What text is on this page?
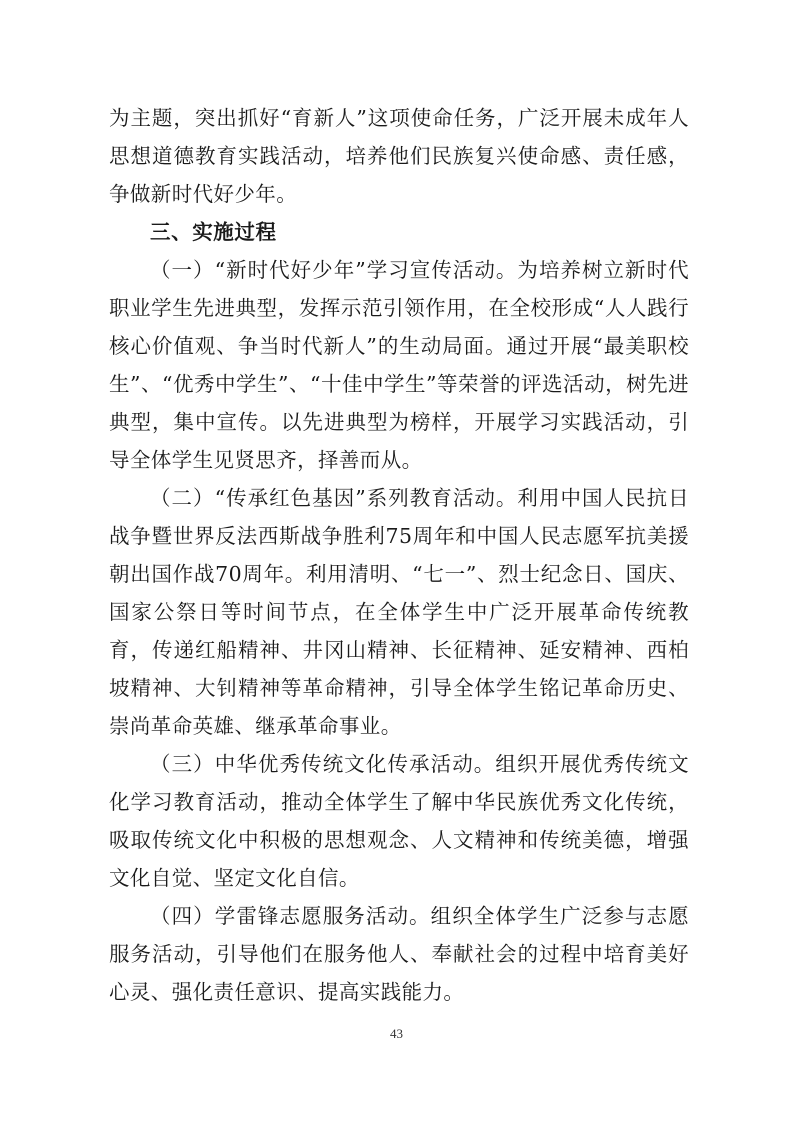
为主题，突出抓好“育新人”这项使命任务，广泛开展未成年人思想道德教育实践活动，培养他们民族复兴使命感、责任感，争做新时代好少年。

三、实施过程

（一）“新时代好少年”学习宣传活动。为培养树立新时代职业学生先进典型，发挥示范引领作用，在全校形成“人人践行核心价值观、争当时代新人”的生动局面。通过开展“最美职校生”、“优秀中学生”、“十佳中学生”等荣誉的评选活动，树先进典型，集中宣传。以先进典型为榜样，开展学习实践活动，引导全体学生见贤思齐，择善而从。

（二）“传承红色基因”系列教育活动。利用中国人民抗日战争暨世界反法西斯战争胜利75周年和中国人民志愿军抗美援朝出国作战70周年。利用清明、“七一”、烈士纪念日、国庆、国家公祭日等时间节点，在全体学生中广泛开展革命传统教育，传递红船精神、井冈山精神、长征精神、延安精神、西柏坡精神、大钊精神等革命精神，引导全体学生铭记革命历史、崇尚革命英雄、继承革命事业。

（三）中华优秀传统文化传承活动。组织开展优秀传统文化学习教育活动，推动全体学生了解中华民族优秀文化传统，吸取传统文化中积极的思想观念、人文精神和传统美德，增强文化自觉、坚定文化自信。

（四）学雷锋志愿服务活动。组织全体学生广泛参与志愿服务活动，引导他们在服务他人、奉献社会的过程中培育美好心灵、强化责任意识、提高实践能力。

43
